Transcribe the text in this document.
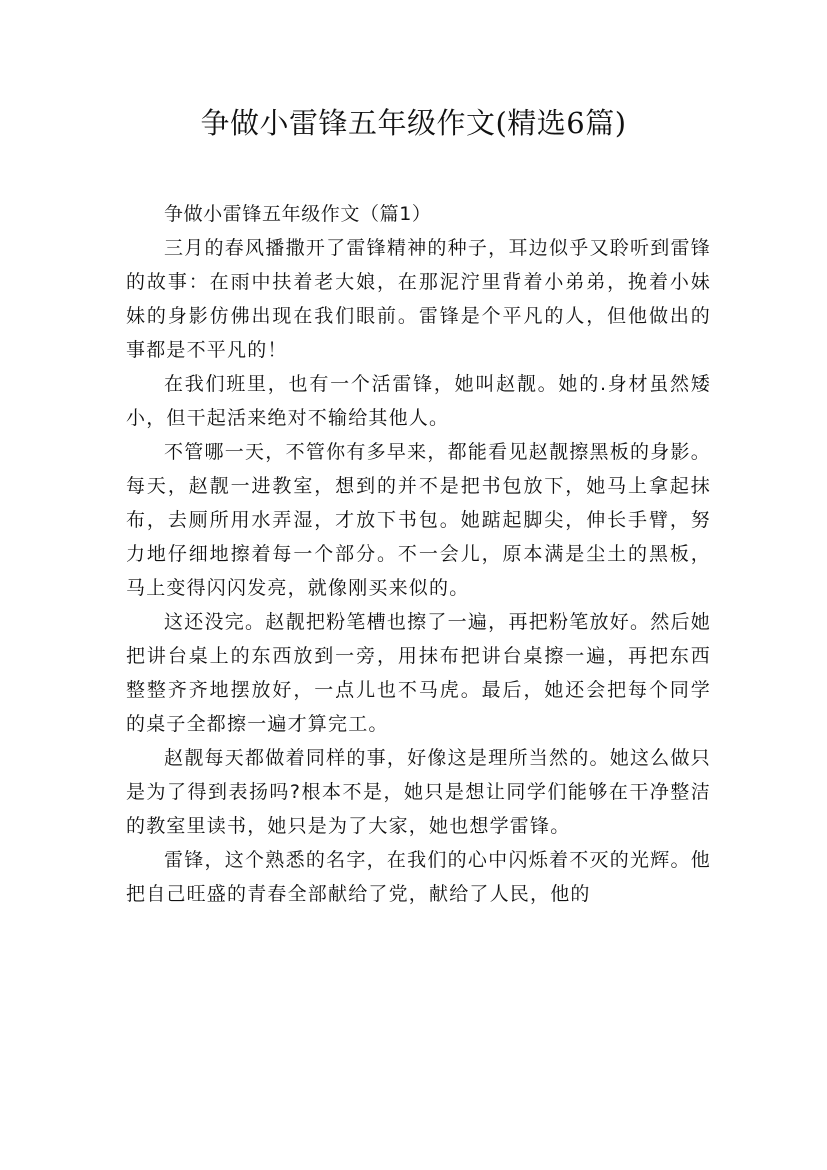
争做小雷锋五年级作文(精选6篇)

争做小雷锋五年级作文（篇1）

三月的春风播撒开了雷锋精神的种子，耳边似乎又聆听到雷锋的故事：在雨中扶着老大娘，在那泥泞里背着小弟弟，挽着小妹妹的身影仿佛出现在我们眼前。雷锋是个平凡的人，但他做出的事都是不平凡的！

在我们班里，也有一个活雷锋，她叫赵靓。她的.身材虽然矮小，但干起活来绝对不输给其他人。

不管哪一天，不管你有多早来，都能看见赵靓擦黑板的身影。每天，赵靓一进教室，想到的并不是把书包放下，她马上拿起抹布，去厕所用水弄湿，才放下书包。她踮起脚尖，伸长手臂，努力地仔细地擦着每一个部分。不一会儿，原本满是尘土的黑板，马上变得闪闪发亮，就像刚买来似的。

这还没完。赵靓把粉笔槽也擦了一遍，再把粉笔放好。然后她把讲台桌上的东西放到一旁，用抹布把讲台桌擦一遍，再把东西整整齐齐地摆放好，一点儿也不马虎。最后，她还会把每个同学的桌子全都擦一遍才算完工。

赵靓每天都做着同样的事，好像这是理所当然的。她这么做只是为了得到表扬吗?根本不是，她只是想让同学们能够在干净整洁的教室里读书，她只是为了大家，她也想学雷锋。

雷锋，这个熟悉的名字，在我们的心中闪烁着不灭的光辉。他把自己旺盛的青春全部献给了党，献给了人民，他的
